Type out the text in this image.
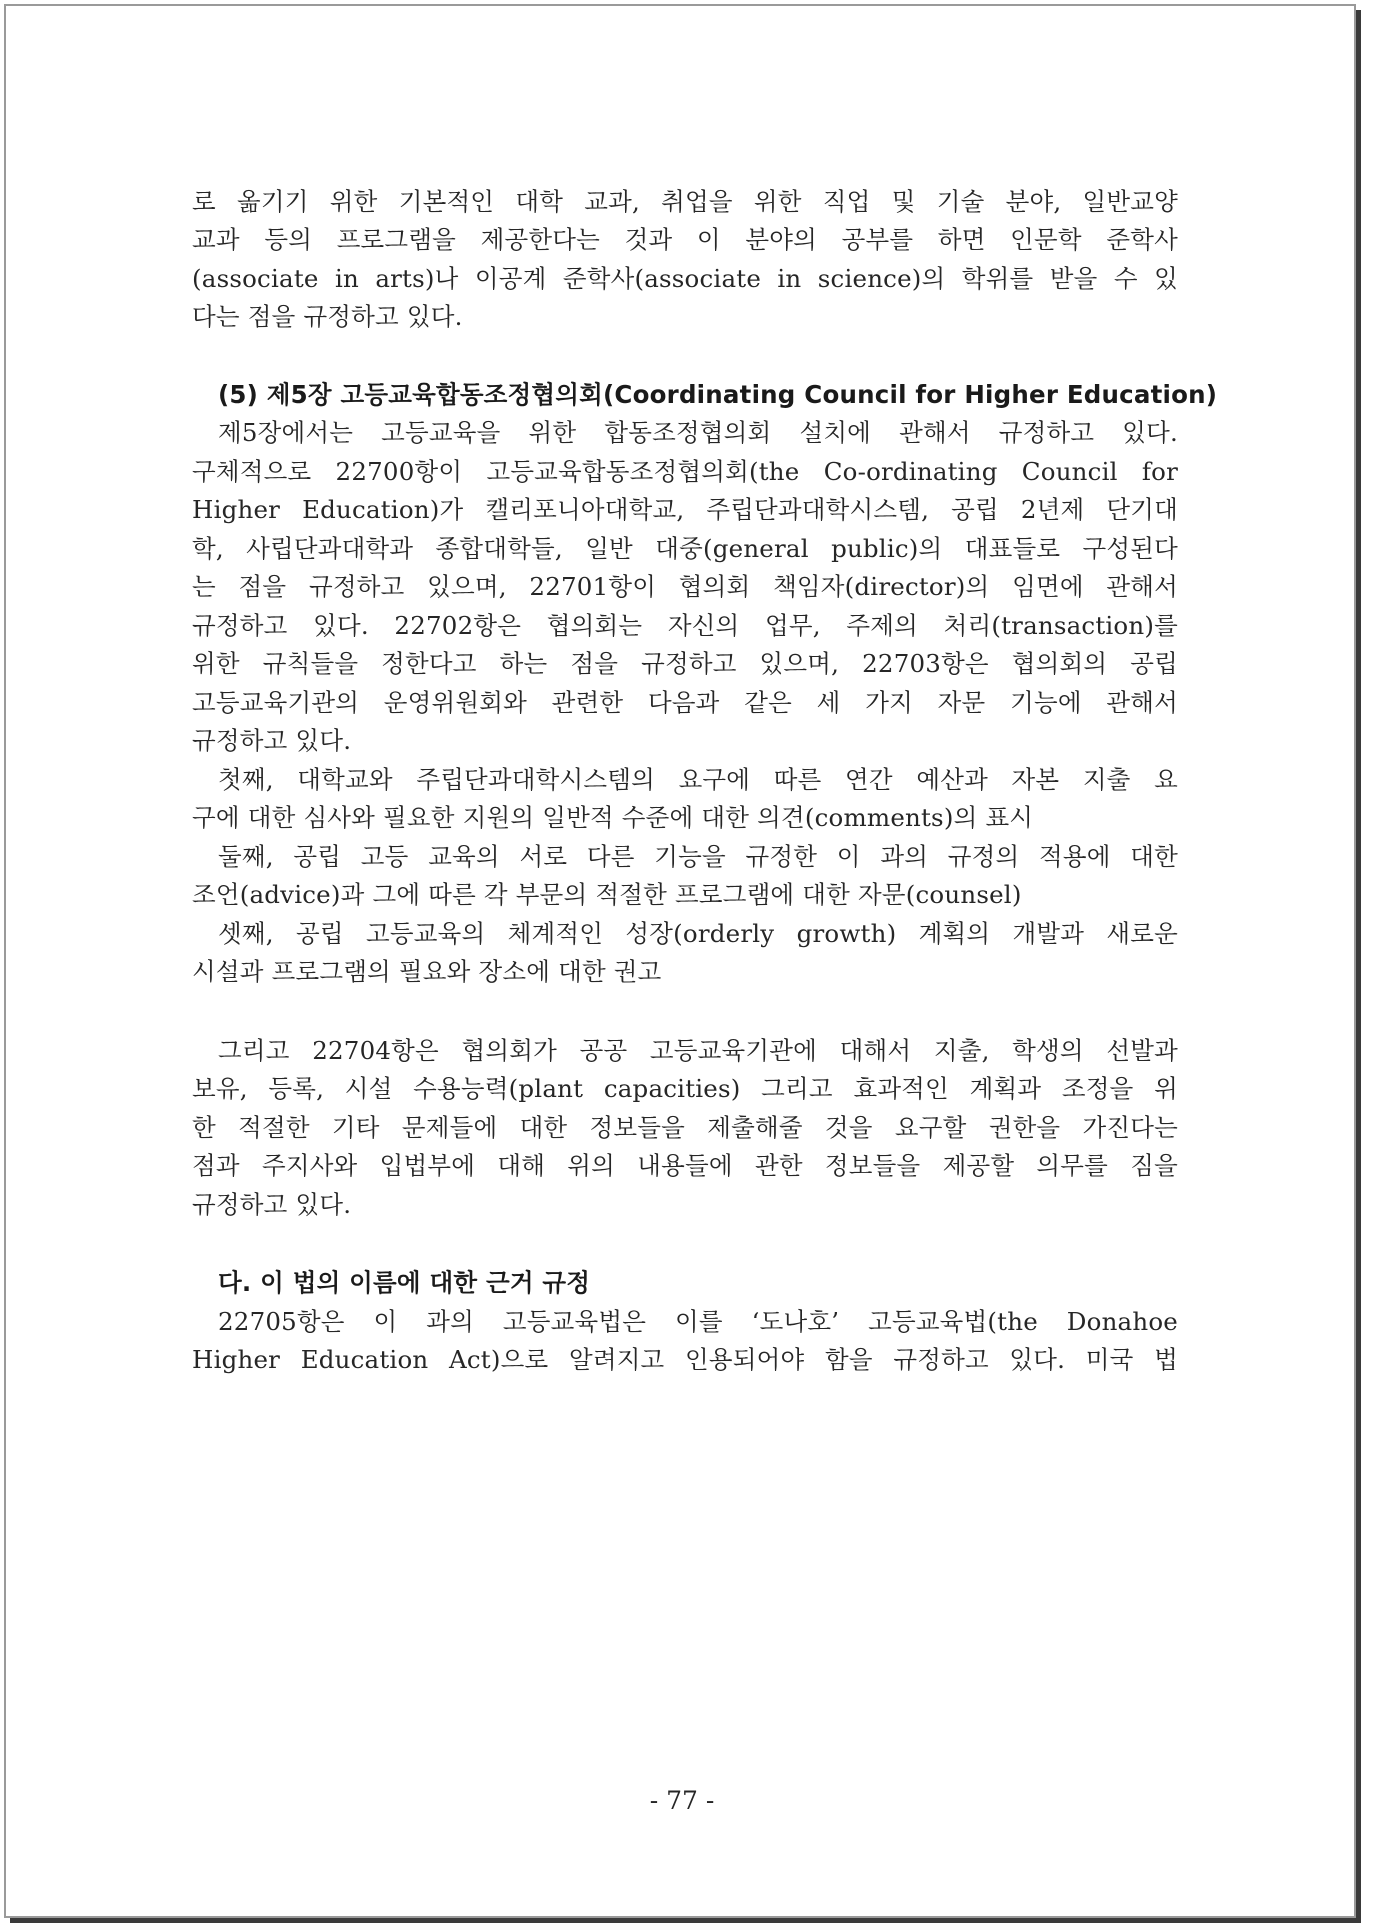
로 옮기기 위한 기본적인 대학 교과, 취업을 위한 직업 및 기술 분야, 일반교양
교과 등의 프로그램을 제공한다는 것과 이 분야의 공부를 하면 인문학 준학사
(associate in arts)나 이공계 준학사(associate in science)의 학위를 받을 수 있
다는 점을 규정하고 있다.
(5) 제5장 고등교육합동조정협의회(Coordinating Council for Higher Education)
제5장에서는 고등교육을 위한 합동조정협의회 설치에 관해서 규정하고 있다.
구체적으로 22700항이 고등교육합동조정협의회(the Co-ordinating Council for
Higher Education)가 캘리포니아대학교, 주립단과대학시스템, 공립 2년제 단기대
학, 사립단과대학과 종합대학들, 일반 대중(general public)의 대표들로 구성된다
는 점을 규정하고 있으며, 22701항이 협의회 책임자(director)의 임면에 관해서
규정하고 있다. 22702항은 협의회는 자신의 업무, 주제의 처리(transaction)를
위한 규칙들을 정한다고 하는 점을 규정하고 있으며, 22703항은 협의회의 공립
고등교육기관의 운영위원회와 관련한 다음과 같은 세 가지 자문 기능에 관해서
규정하고 있다.
첫째, 대학교와 주립단과대학시스템의 요구에 따른 연간 예산과 자본 지출 요
구에 대한 심사와 필요한 지원의 일반적 수준에 대한 의견(comments)의 표시
둘째, 공립 고등 교육의 서로 다른 기능을 규정한 이 과의 규정의 적용에 대한
조언(advice)과 그에 따른 각 부문의 적절한 프로그램에 대한 자문(counsel)
셋째, 공립 고등교육의 체계적인 성장(orderly growth) 계획의 개발과 새로운
시설과 프로그램의 필요와 장소에 대한 권고
그리고 22704항은 협의회가 공공 고등교육기관에 대해서 지출, 학생의 선발과
보유, 등록, 시설 수용능력(plant capacities) 그리고 효과적인 계획과 조정을 위
한 적절한 기타 문제들에 대한 정보들을 제출해줄 것을 요구할 권한을 가진다는
점과 주지사와 입법부에 대해 위의 내용들에 관한 정보들을 제공할 의무를 짐을
규정하고 있다.
다. 이 법의 이름에 대한 근거 규정
22705항은 이 과의 고등교육법은 이를 ‘도나호’ 고등교육법(the Donahoe
Higher Education Act)으로 알려지고 인용되어야 함을 규정하고 있다. 미국 법
- 77 -
